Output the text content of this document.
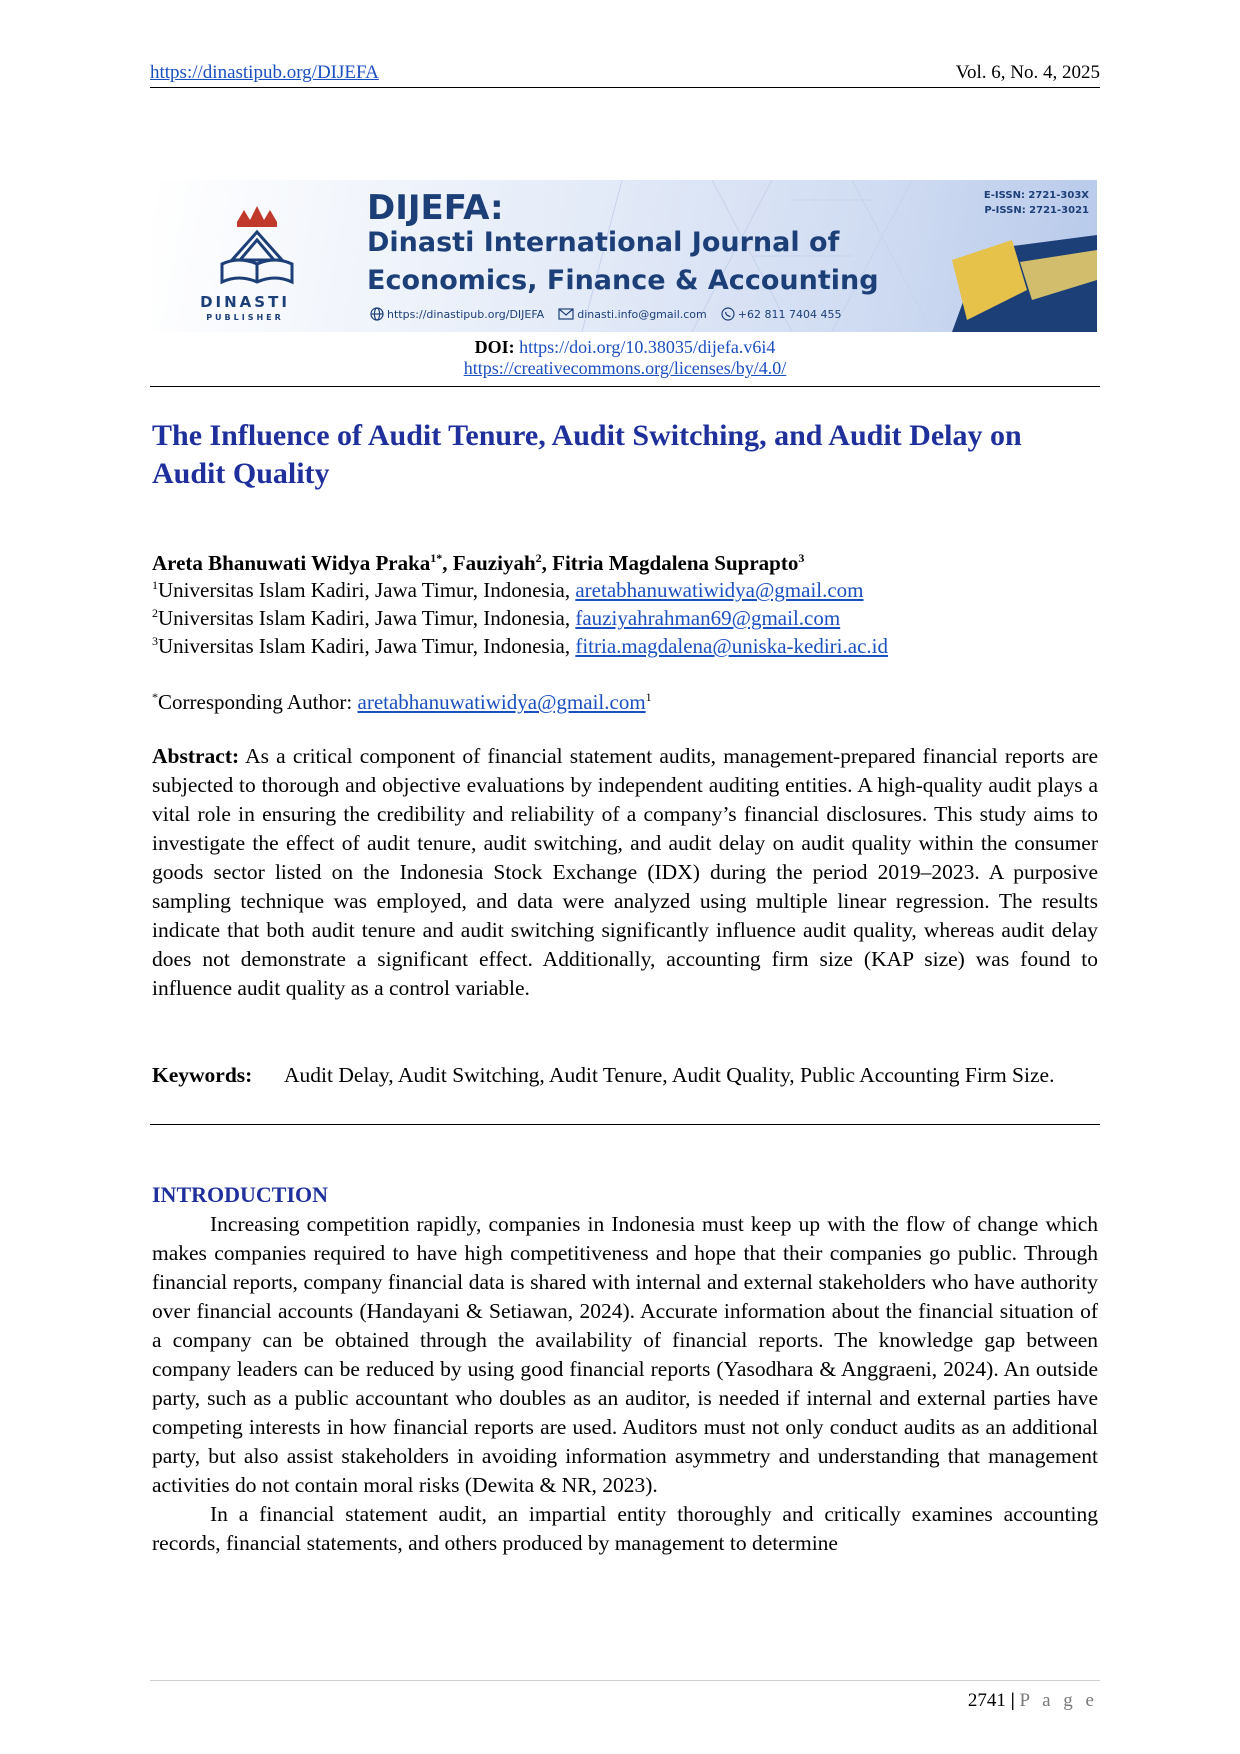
https://dinastipub.org/DIJEFA	Vol. 6, No. 4, 2025
DINASTI
PUBLISHER
DIJEFA:
Dinasti International Journal of
Economics, Finance & Accounting
https://dinastipub.org/DIJEFA	dinasti.info@gmail.com	+62 811 7404 455
E-ISSN: 2721-303X
P-ISSN: 2721-3021
DOI: https://doi.org/10.38035/dijefa.v6i4
https://creativecommons.org/licenses/by/4.0/
The Influence of Audit Tenure, Audit Switching, and Audit Delay on Audit Quality
Areta Bhanuwati Widya Praka$^{1*}$, Fauziyah$^2$, Fitria Magdalena Suprapto$^3$
$^1$Universitas Islam Kadiri, Jawa Timur, Indonesia, aretabhanuwatiwidya@gmail.com
$^2$Universitas Islam Kadiri, Jawa Timur, Indonesia, fauziyahrahman69@gmail.com
$^3$Universitas Islam Kadiri, Jawa Timur, Indonesia, fitria.magdalena@uniska-kediri.ac.id
*Corresponding Author: aretabhanuwatiwidya@gmail.com$^1$
Abstract: As a critical component of financial statement audits, management-prepared financial reports are subjected to thorough and objective evaluations by independent auditing entities. A high-quality audit plays a vital role in ensuring the credibility and reliability of a company’s financial disclosures. This study aims to investigate the effect of audit tenure, audit switching, and audit delay on audit quality within the consumer goods sector listed on the Indonesia Stock Exchange (IDX) during the period 2019–2023. A purposive sampling technique was employed, and data were analyzed using multiple linear regression. The results indicate that both audit tenure and audit switching significantly influence audit quality, whereas audit delay does not demonstrate a significant effect. Additionally, accounting firm size (KAP size) was found to influence audit quality as a control variable.
Keywords:	Audit Delay, Audit Switching, Audit Tenure, Audit Quality, Public Accounting Firm Size.
INTRODUCTION

Increasing competition rapidly, companies in Indonesia must keep up with the flow of change which makes companies required to have high competitiveness and hope that their companies go public. Through financial reports, company financial data is shared with internal and external stakeholders who have authority over financial accounts (Handayani & Setiawan, 2024). Accurate information about the financial situation of a company can be obtained through the availability of financial reports. The knowledge gap between company leaders can be reduced by using good financial reports (Yasodhara & Anggraeni, 2024). An outside party, such as a public accountant who doubles as an auditor, is needed if internal and external parties have competing interests in how financial reports are used. Auditors must not only conduct audits as an additional party, but also assist stakeholders in avoiding information asymmetry and understanding that management activities do not contain moral risks (Dewita & NR, 2023).

In a financial statement audit, an impartial entity thoroughly and critically examines accounting records, financial statements, and others produced by management to determine

2741 | P a g e
